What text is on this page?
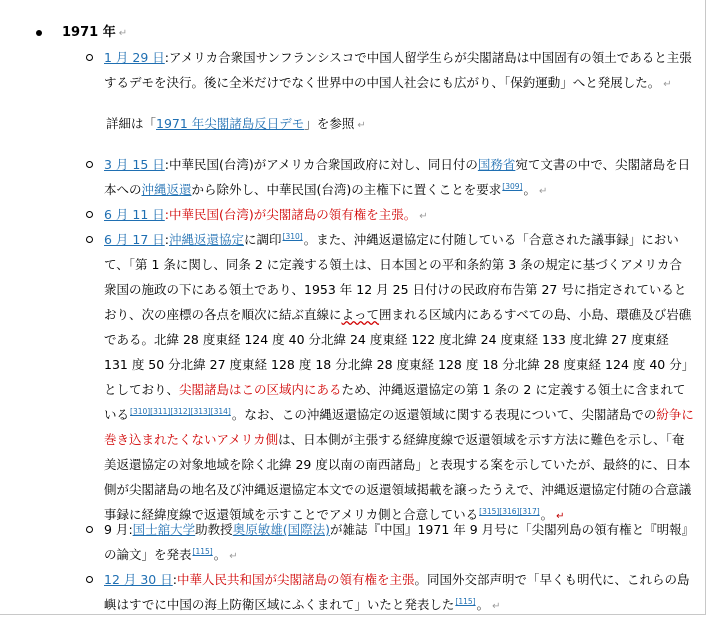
1971 年 ↵
1 月 29 日:アメリカ合衆国サンフランシスコで中国人留学生らが尖閣諸島は中国固有の領土であると主張するデモを決行。後に全米だけでなく世界中の中国人社会にも広がり、「保釣運動」へと発展した。 ↵
詳細は「1971 年尖閣諸島反日デモ」を参照 ↵
3 月 15 日:中華民国(台湾)がアメリカ合衆国政府に対し、同日付の国務省宛て文書の中で、尖閣諸島を日本への沖縄返還から除外し、中華民国(台湾)の主権下に置くことを要求[309]。 ↵
6 月 11 日:中華民国(台湾)が尖閣諸島の領有権を主張。 ↵
6 月 17 日:沖縄返還協定に調印[310]。また、沖縄返還協定に付随している「合意された議事録」において、「第 1 条に関し、同条 2 に定義する領土は、日本国との平和条約第 3 条の規定に基づくアメリカ合衆国の施政の下にある領土であり、1953 年 12 月 25 日付けの民政府布告第 27 号に指定されているとおり、次の座標の各点を順次に結ぶ直線によって囲まれる区域内にあるすべての島、小島、環礁及び岩礁である。北緯 28 度東経 124 度 40 分北緯 24 度東経 122 度北緯 24 度東経 133 度北緯 27 度東経 131 度 50 分北緯 27 度東経 128 度 18 分北緯 28 度東経 128 度 18 分北緯 28 度東経 124 度 40 分」としており、尖閣諸島はこの区域内にあるため、沖縄返還協定の第 1 条の 2 に定義する領土に含まれている[310][311][312][313][314]。なお、この沖縄返還協定の返還領域に関する表現について、尖閣諸島での紛争に巻き込まれたくないアメリカ側は、日本側が主張する経緯度線で返還領域を示す方法に難色を示し、「奄美返還協定の対象地域を除く北緯 29 度以南の南西諸島」と表現する案を示していたが、最終的に、日本側が尖閣諸島の地名及び沖縄返還協定本文での返還領域掲載を譲ったうえで、沖縄返還協定付随の合意議事録に経緯度線で返還領域を示すことでアメリカ側と合意している[315][316][317]。 ↵
9 月:国士舘大学助教授奥原敏雄(国際法)が雑誌『中国』1971 年 9 月号に「尖閣列島の領有権と『明報』の論文」を発表[115]。 ↵
12 月 30 日:中華人民共和国が尖閣諸島の領有権を主張。同国外交部声明で「早くも明代に、これらの島嶼はすでに中国の海上防衛区域にふくまれて」いたと発表した[115]。 ↵
